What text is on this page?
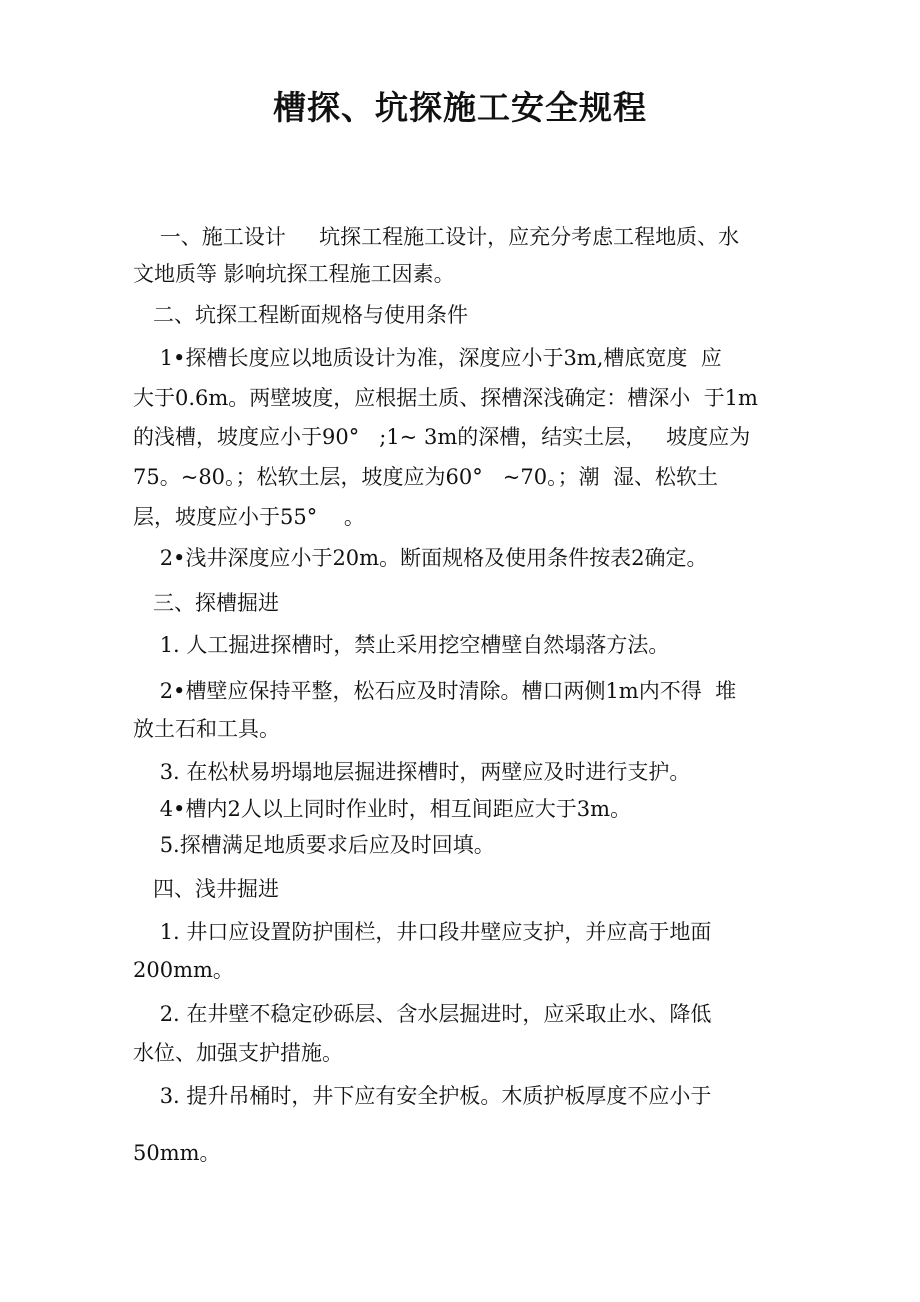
槽探、坑探施工安全规程
一、施工设计     坑探工程施工设计，应充分考虑工程地质、水
文地质等 影响坑探工程施工因素。
二、坑探工程断面规格与使用条件
1•探槽长度应以地质设计为准，深度应小于3m,槽底宽度  应
大于0.6m。两壁坡度，应根据土质、探槽深浅确定：槽深小  于1m
的浅槽，坡度应小于90°   ;1~ 3m的深槽，结实土层，   坡度应为
75。~80。；松软土层，坡度应为60°   ~70。；潮  湿、松软土
层，坡度应小于55°    。
2•浅井深度应小于20m。断面规格及使用条件按表2确定。
三、探槽掘进
1. 人工掘进探槽时，禁止采用挖空槽壁自然塌落方法。
2•槽壁应保持平整，松石应及时清除。槽口两侧1m内不得  堆
放土石和工具。
3. 在松枤易坍塌地层掘进探槽时，两壁应及时进行支护。
4•槽内2人以上同时作业时，相互间距应大于3m。
5.探槽满足地质要求后应及时回填。
四、浅井掘进
1. 井口应设置防护围栏，井口段井壁应支护，并应高于地面
200mm。
2. 在井壁不稳定砂砾层、含水层掘进时，应采取止水、降低
水位、加强支护措施。
3. 提升吊桶时，井下应有安全护板。木质护板厚度不应小于
50mm。
